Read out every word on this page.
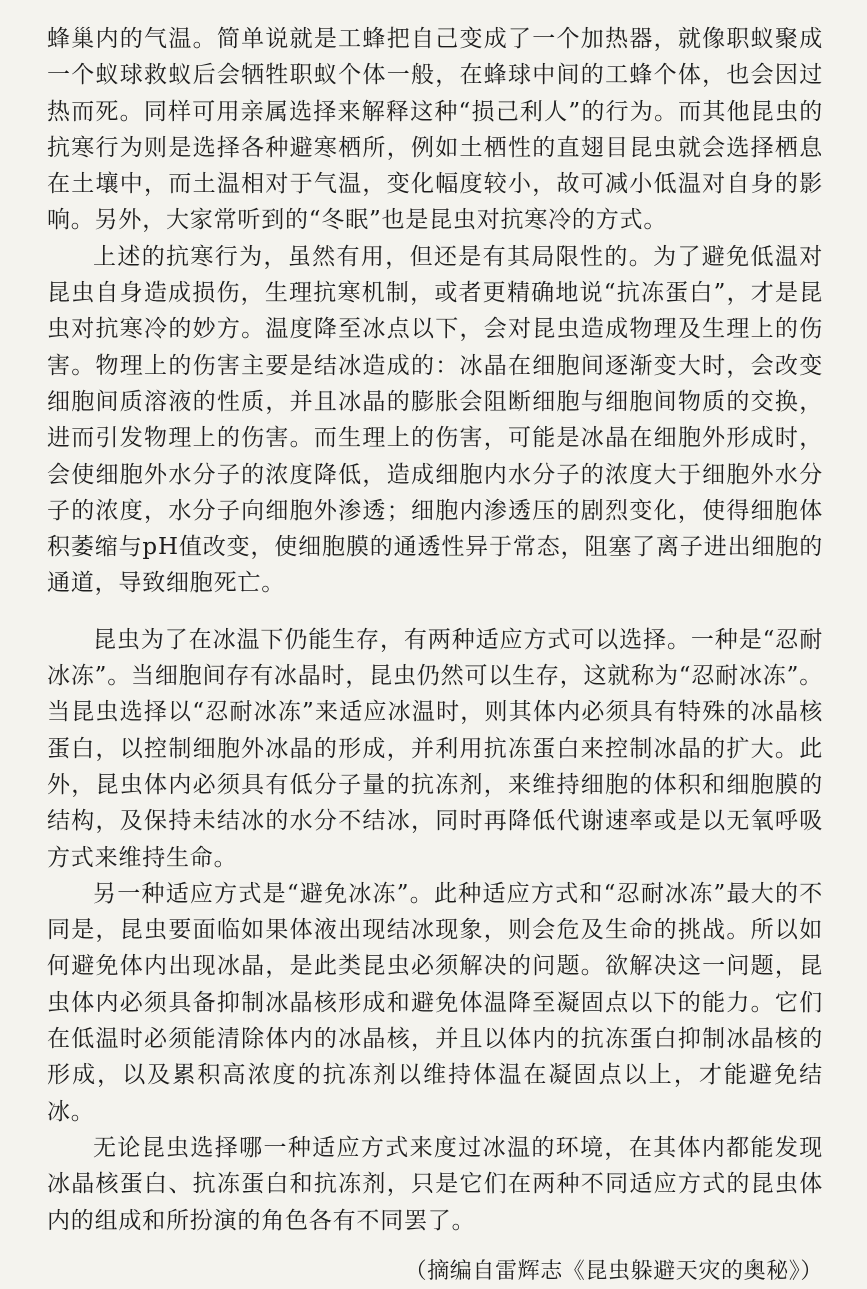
蜂巢内的气温。简单说就是工蜂把自己变成了一个加热器，就像职蚁聚成一个蚁球救蚁后会牺牲职蚁个体一般，在蜂球中间的工蜂个体，也会因过热而死。同样可用亲属选择来解释这种“损己利人”的行为。而其他昆虫的抗寒行为则是选择各种避寒栖所，例如土栖性的直翅目昆虫就会选择栖息在土壤中，而土温相对于气温，变化幅度较小，故可减小低温对自身的影响。另外，大家常听到的“冬眠”也是昆虫对抗寒冷的方式。

上述的抗寒行为，虽然有用，但还是有其局限性的。为了避免低温对昆虫自身造成损伤，生理抗寒机制，或者更精确地说“抗冻蛋白”，才是昆虫对抗寒冷的妙方。温度降至冰点以下，会对昆虫造成物理及生理上的伤害。物理上的伤害主要是结冰造成的：冰晶在细胞间逐渐变大时，会改变细胞间质溶液的性质，并且冰晶的膨胀会阻断细胞与细胞间物质的交换，进而引发物理上的伤害。而生理上的伤害，可能是冰晶在细胞外形成时，会使细胞外水分子的浓度降低，造成细胞内水分子的浓度大于细胞外水分子的浓度，水分子向细胞外渗透；细胞内渗透压的剧烈变化，使得细胞体积萎缩与pH值改变，使细胞膜的通透性异于常态，阻塞了离子进出细胞的通道，导致细胞死亡。

昆虫为了在冰温下仍能生存，有两种适应方式可以选择。一种是“忍耐冰冻”。当细胞间存有冰晶时，昆虫仍然可以生存，这就称为“忍耐冰冻”。当昆虫选择以“忍耐冰冻”来适应冰温时，则其体内必须具有特殊的冰晶核蛋白，以控制细胞外冰晶的形成，并利用抗冻蛋白来控制冰晶的扩大。此外，昆虫体内必须具有低分子量的抗冻剂，来维持细胞的体积和细胞膜的结构，及保持未结冰的水分不结冰，同时再降低代谢速率或是以无氧呼吸方式来维持生命。

另一种适应方式是“避免冰冻”。此种适应方式和“忍耐冰冻”最大的不同是，昆虫要面临如果体液出现结冰现象，则会危及生命的挑战。所以如何避免体内出现冰晶，是此类昆虫必须解决的问题。欲解决这一问题，昆虫体内必须具备抑制冰晶核形成和避免体温降至凝固点以下的能力。它们在低温时必须能清除体内的冰晶核，并且以体内的抗冻蛋白抑制冰晶核的形成，以及累积高浓度的抗冻剂以维持体温在凝固点以上，才能避免结冰。

无论昆虫选择哪一种适应方式来度过冰温的环境，在其体内都能发现冰晶核蛋白、抗冻蛋白和抗冻剂，只是它们在两种不同适应方式的昆虫体内的组成和所扮演的角色各有不同罢了。

（摘编自雷辉志《昆虫躲避天灾的奥秘》）
